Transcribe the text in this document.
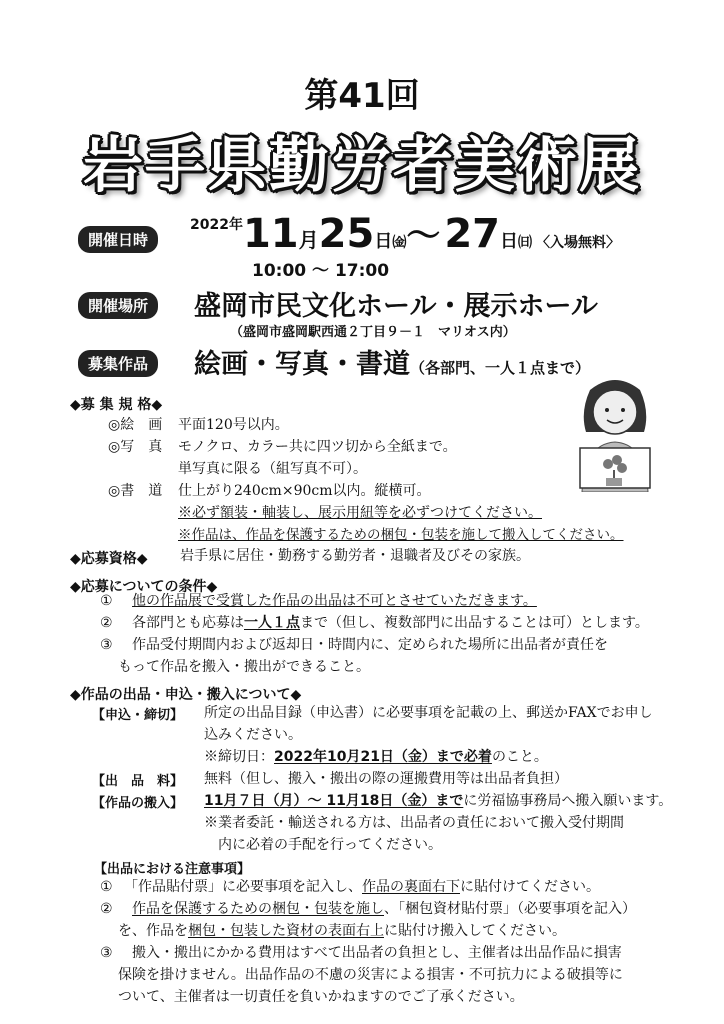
第41回
岩手県勤労者美術展
開催日時
2022年11月25日㈮〜 27日㈰ 〈入場無料〉
10:00 〜 17:00
開催場所	盛岡市民文化ホール・展示ホール
（盛岡市盛岡駅西通２丁目９－１　マリオス内）
募集作品	絵画・写真・書道（各部門、一人１点まで）
◆募 集 規 格◆
◎絵　画 平面120号以内。
◎写　真 モノクロ、カラー共に四ツ切から全紙まで。
単写真に限る（組写真不可）。
◎書　道 仕上がり240cm×90cm以内。縦横可。
※必ず額装・軸装し、展示用紐等を必ずつけてください。
※作品は、作品を保護するための梱包・包装を施して搬入してください。
◆応募資格◆ 岩手県に居住・勤務する勤労者・退職者及びその家族。
◆応募についての条件◆
① 他の作品展で受賞した作品の出品は不可とさせていただきます。
② 各部門とも応募は一人１点まで（但し、複数部門に出品することは可）とします。
③ 作品受付期間内および返却日・時間内に、定められた場所に出品者が責任を
もって作品を搬入・搬出ができること。
◆作品の出品・申込・搬入について◆
【申込・締切】 所定の出品目録（申込書）に必要事項を記載の上、郵送かFAXでお申し
込みください。
※締切日：2022年10月21日（金）まで必着のこと。
【出　品　料】 無料（但し、搬入・搬出の際の運搬費用等は出品者負担）
【作品の搬入】 11月７日（月）〜 11月18日（金）までに労福協事務局へ搬入願います。
※業者委託・輸送される方は、出品者の責任において搬入受付期間
内に必着の手配を行ってください。
【出品における注意事項】
① 「作品貼付票」に必要事項を記入し、作品の裏面右下に貼付けてください。
② 作品を保護するための梱包・包装を施し、「梱包資材貼付票」（必要事項を記入）
を、作品を梱包・包装した資材の表面右上に貼付け搬入してください。
③ 搬入・搬出にかかる費用はすべて出品者の負担とし、主催者は出品作品に損害
保険を掛けません。出品作品の不慮の災害による損害・不可抗力による破損等に
ついて、主催者は一切責任を負いかねますのでご了承ください。
